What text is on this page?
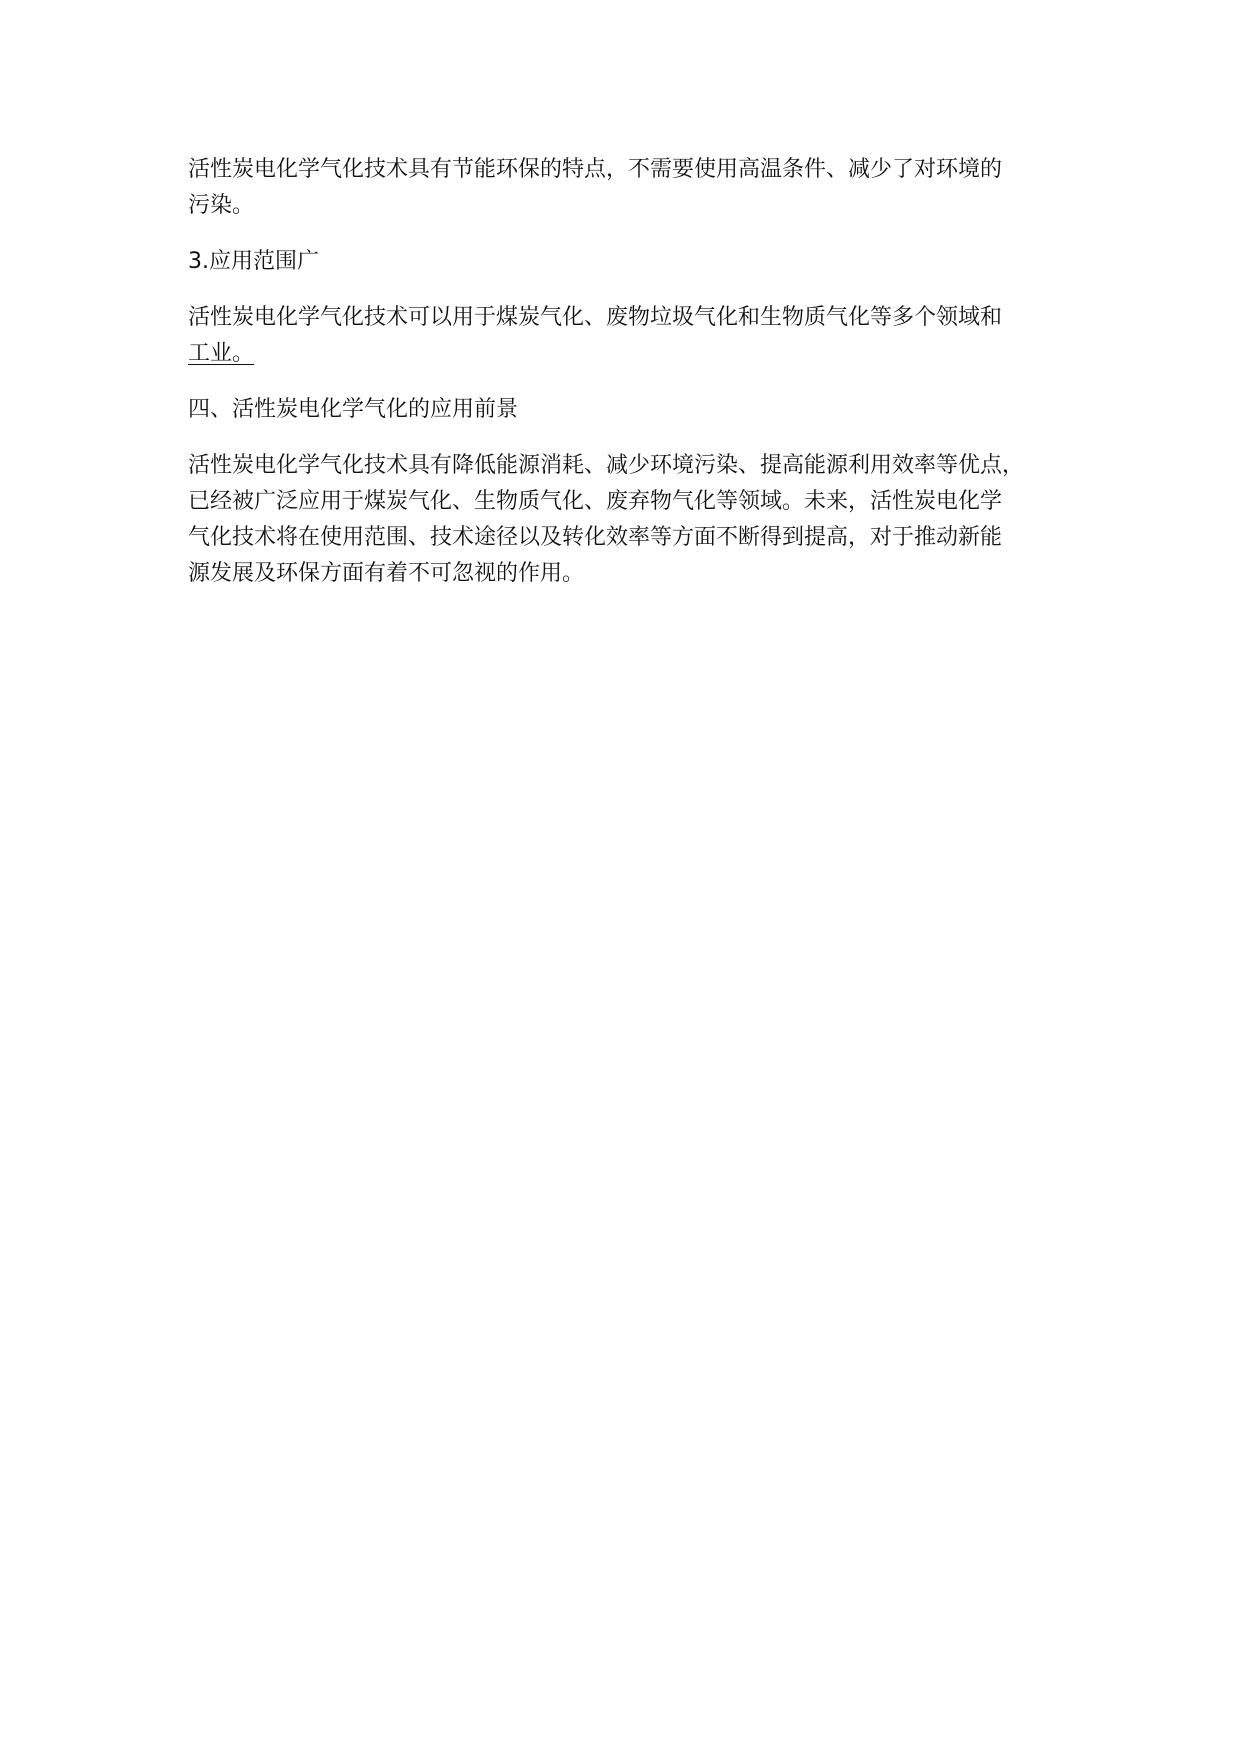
活性炭电化学气化技术具有节能环保的特点，不需要使用高温条件、减少了对环境的
污染。
3.应用范围广
活性炭电化学气化技术可以用于煤炭气化、废物垃圾气化和生物质气化等多个领域和
工业。
四、活性炭电化学气化的应用前景
活性炭电化学气化技术具有降低能源消耗、减少环境污染、提高能源利用效率等优点，
已经被广泛应用于煤炭气化、生物质气化、废弃物气化等领域。未来，活性炭电化学
气化技术将在使用范围、技术途径以及转化效率等方面不断得到提高，对于推动新能
源发展及环保方面有着不可忽视的作用。
